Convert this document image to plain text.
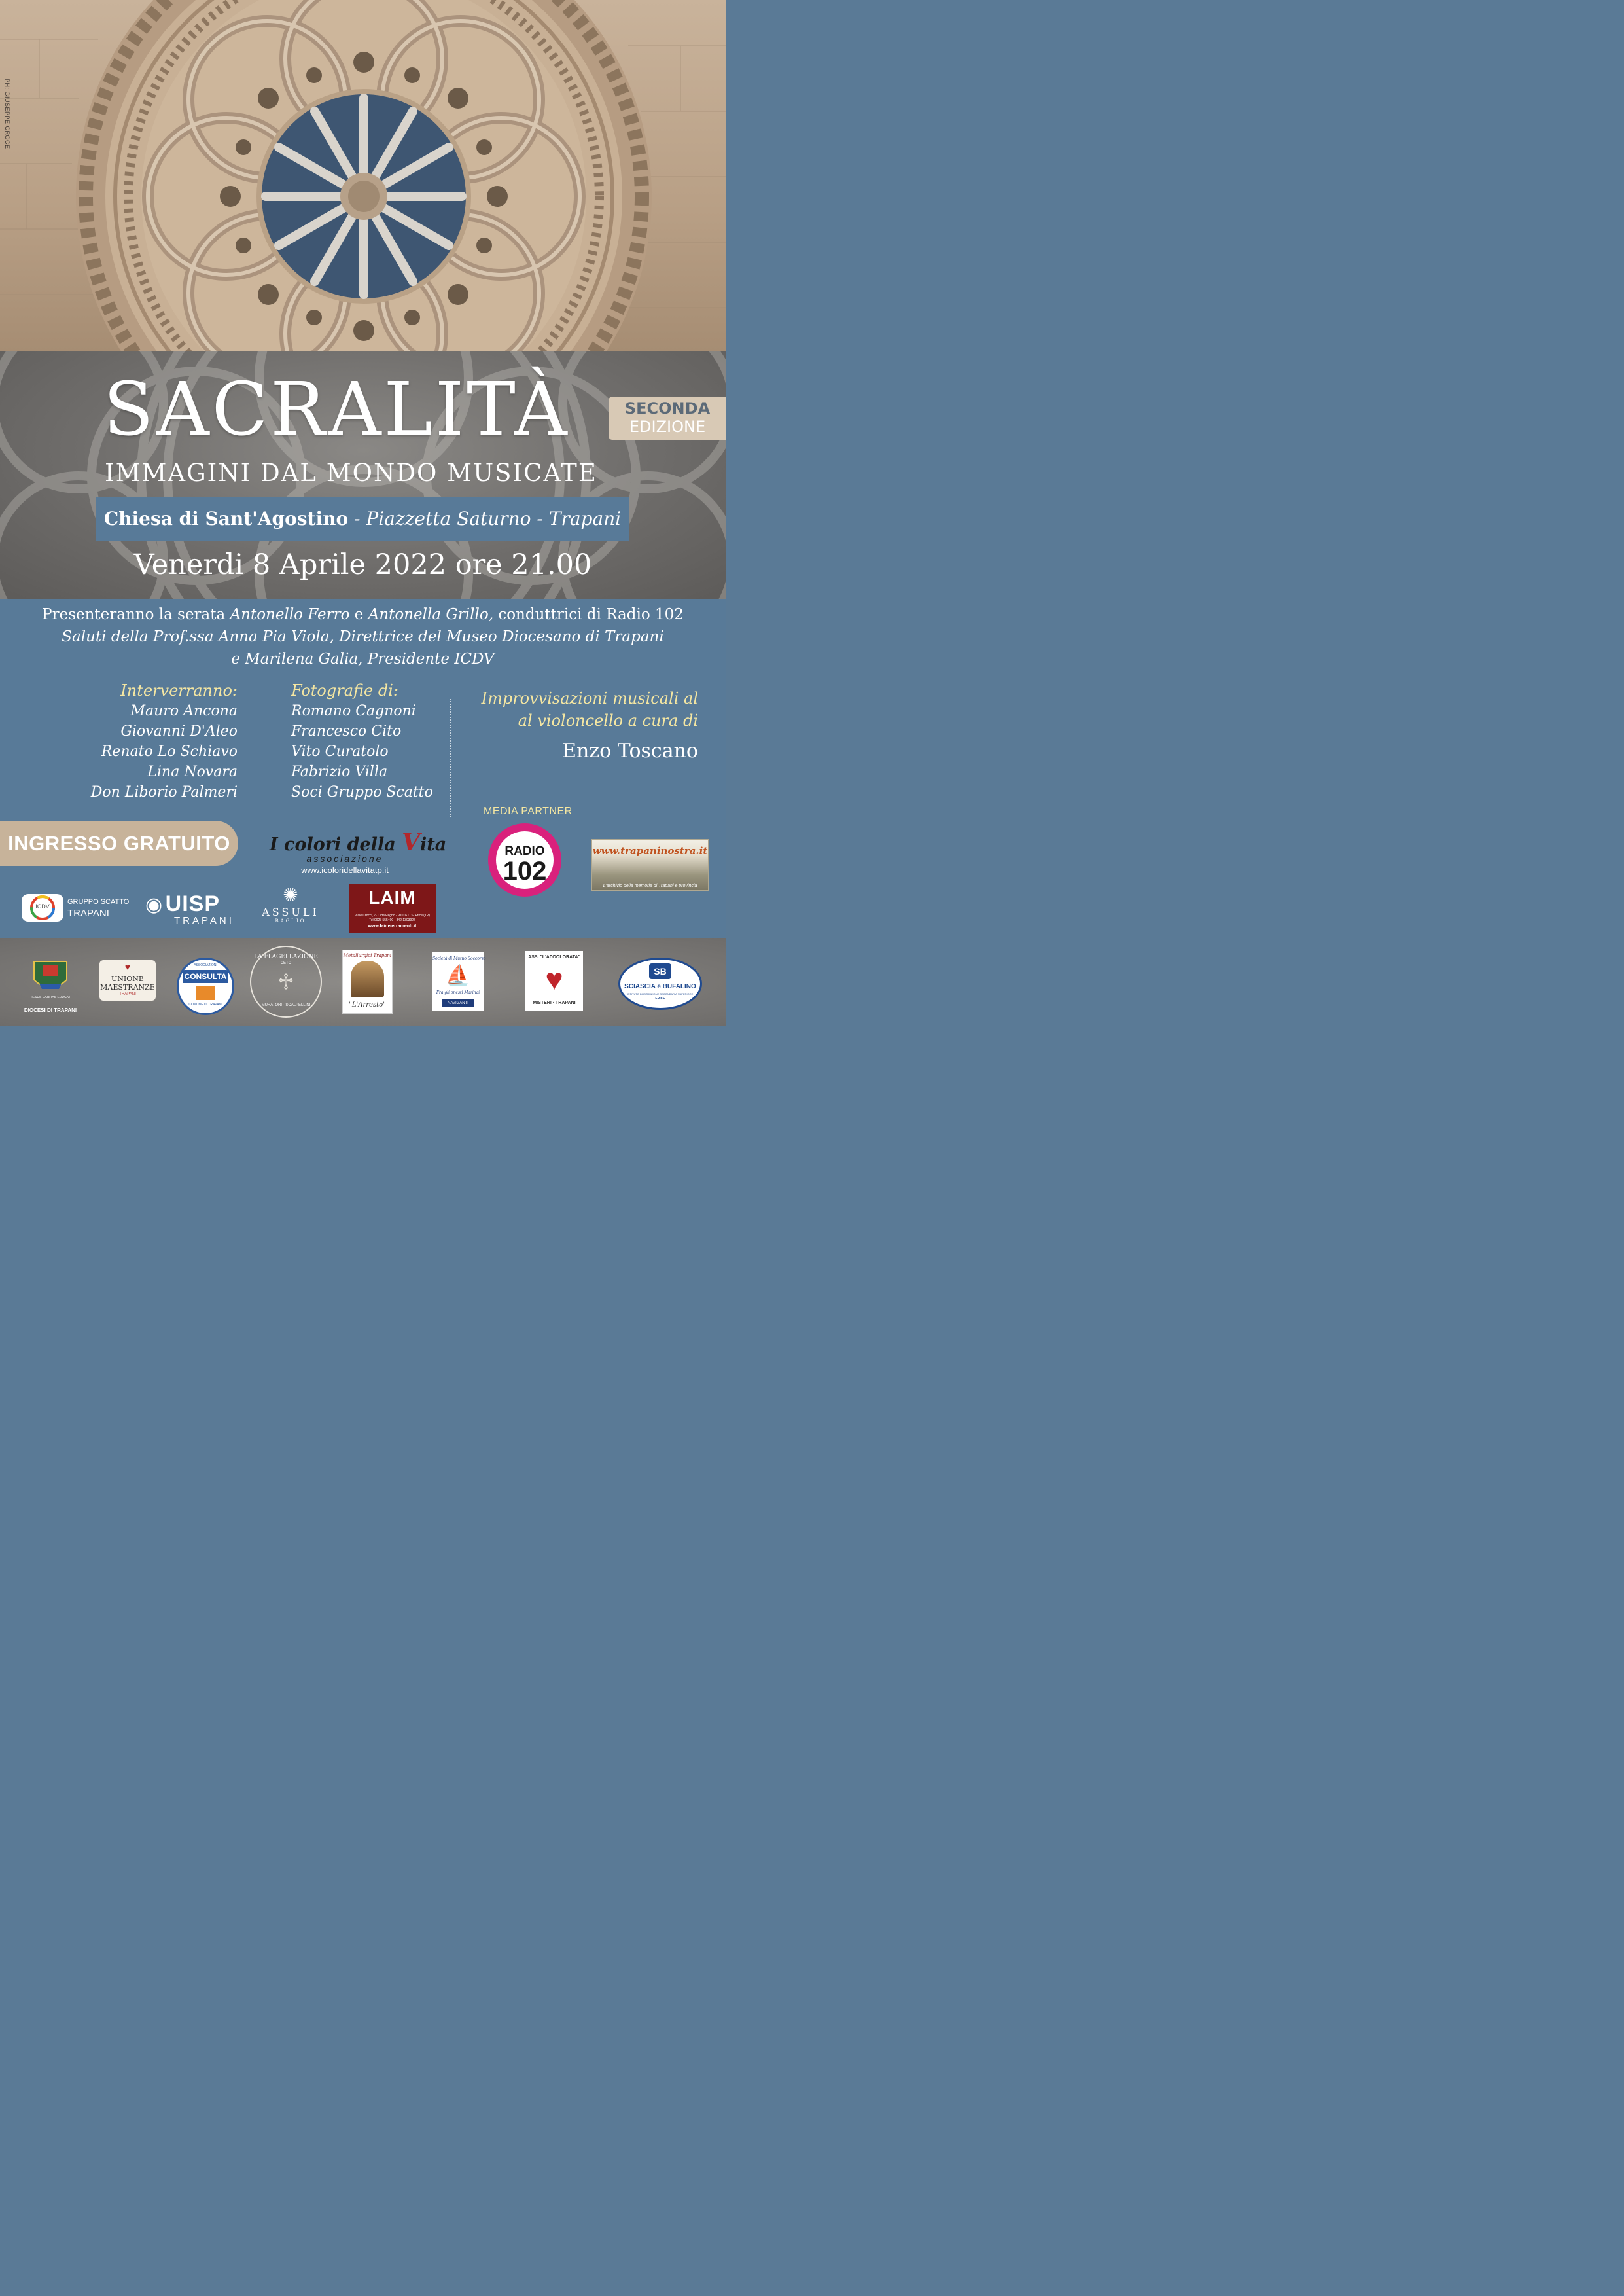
PH: GIUSEPPE CROCE
SACRALITÀ	SECONDA
EDIZIONE
IMMAGINI DAL MONDO MUSICATE
Chiesa di Sant'Agostino - Piazzetta Saturno - Trapani
Venerdi 8 Aprile 2022 ore 21.00
Presenteranno la serata Antonello Ferro e Antonella Grillo, conduttrici di Radio 102
Saluti della Prof.ssa Anna Pia Viola, Direttrice del Museo Diocesano di Trapani
e Marilena Galia, Presidente ICDV
Interverranno:
Mauro Ancona
Giovanni D'Aleo
Renato Lo Schiavo
Lina Novara
Don Liborio Palmeri
Fotografie di:
Romano Cagnoni
Francesco Cito
Vito Curatolo
Fabrizio Villa
Soci Gruppo Scatto
Improvvisazioni musicali al
al violoncello a cura di
Enzo Toscano
INGRESSO GRATUITO	I colori della Vita
associazione
www.icoloridellavitatp.it
MEDIA PARTNER
RADIO
102
www.trapaninostra.it
L'archivio della memoria di Trapani e provincia
ICDV
GRUPPO SCATTO
TRAPANI	◉ UISP
TRAPANI
✺
ASSULI
BAGLIO
LAIM
Viale Crocci, 7- C/da Pegno - 91016 C.S. Erice (TP)
Tel 0923 555400 - 342 1303927
www.laimserramenti.it
IESUS CARITAS EDUCAT
DIOCESI DI TRAPANI
♥
UNIONE
MAESTRANZE
TRAPANI
CONSULTA
ASSOCIAZIONI
COMUNE DI TRAPANI
LA FLAGELLAZIONE
CETO
♱
MURATORI · SCALPELLINI
Metallurgici Trapani
"L'Arresto"
Società di Mutuo Soccorso
⛵
Fra gli onesti Marinai
NAVIGANTI
ASS. "L'ADDOLORATA"
♥
MISTERI · TRAPANI
SB
SCIASCIA e BUFALINO
ISTITUTO DI ISTRUZIONE SECONDARIA SUPERIORE
ERICE
